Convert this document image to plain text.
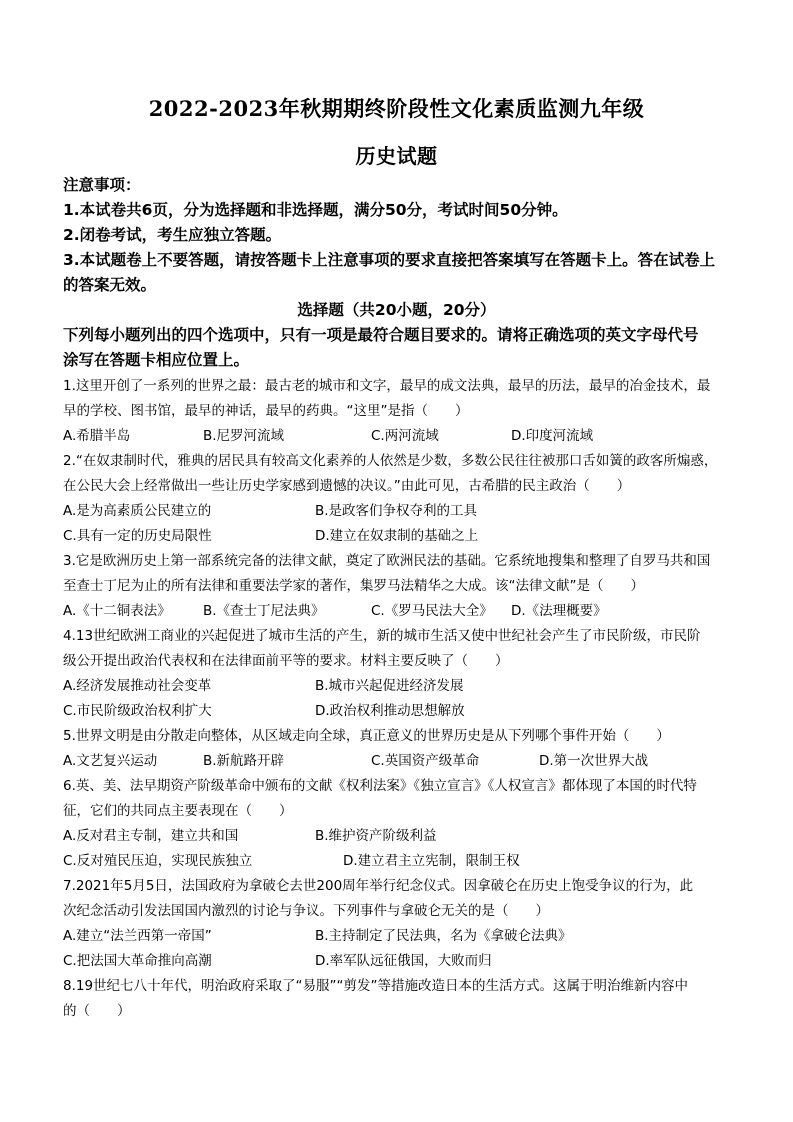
2022-2023年秋期期终阶段性文化素质监测九年级
历史试题
注意事项：
1.本试卷共6页，分为选择题和非选择题，满分50分，考试时间50分钟。
2.闭卷考试，考生应独立答题。
3.本试题卷上不要答题，请按答题卡上注意事项的要求直接把答案填写在答题卡上。答在试卷上
的答案无效。
选择题（共20小题，20分）
下列每小题列出的四个选项中，只有一项是最符合题目要求的。请将正确选项的英文字母代号
涂写在答题卡相应位置上。
1.这里开创了一系列的世界之最：最古老的城市和文字，最早的成文法典，最早的历法，最早的冶金技术，最
早的学校、图书馆，最早的神话，最早的药典。“这里”是指（　　）
A.希腊半岛	B.尼罗河流域	C.两河流域	D.印度河流域
2.“在奴隶制时代，雅典的居民具有较高文化素养的人依然是少数，多数公民往往被那口舌如簧的政客所煽惑，
在公民大会上经常做出一些让历史学家感到遗憾的决议。”由此可见，古希腊的民主政治（　　）
A.是为高素质公民建立的	B.是政客们争权夺利的工具
C.具有一定的历史局限性	D.建立在奴隶制的基础之上
3.它是欧洲历史上第一部系统完备的法律文献，奠定了欧洲民法的基础。它系统地搜集和整理了自罗马共和国
至查士丁尼为止的所有法律和重要法学家的著作，集罗马法精华之大成。该“法律文献”是（　　）
A.《十二铜表法》 B.《查士丁尼法典》	C.《罗马民法大全》 D.《法理概要》
4.13世纪欧洲工商业的兴起促进了城市生活的产生，新的城市生活又使中世纪社会产生了市民阶级，市民阶
级公开提出政治代表权和在法律面前平等的要求。材料主要反映了（　　）
A.经济发展推动社会变革	B.城市兴起促进经济发展
C.市民阶级政治权利扩大	D.政治权利推动思想解放
5.世界文明是由分散走向整体，从区域走向全球，真正意义的世界历史是从下列哪个事件开始（　　）
A.文艺复兴运动	B.新航路开辟	C.英国资产级革命	D.第一次世界大战
6.英、美、法早期资产阶级革命中颁布的文献《权利法案》《独立宣言》《人权宣言》都体现了本国的时代特
征，它们的共同点主要表现在（　　）
A.反对君主专制，建立共和国	B.维护资产阶级利益
C.反对殖民压迫，实现民族独立	D.建立君主立宪制，限制王权
7.2021年5月5日，法国政府为拿破仑去世200周年举行纪念仪式。因拿破仑在历史上饱受争议的行为，此
次纪念活动引发法国国内激烈的讨论与争议。下列事件与拿破仑无关的是（　　）
A.建立“法兰西第一帝国”	B.主持制定了民法典，名为《拿破仑法典》
C.把法国大革命推向高潮	D.率军队远征俄国，大败而归
8.19世纪七八十年代，明治政府采取了“易服”“剪发”等措施改造日本的生活方式。这属于明治维新内容中
的（　　）
